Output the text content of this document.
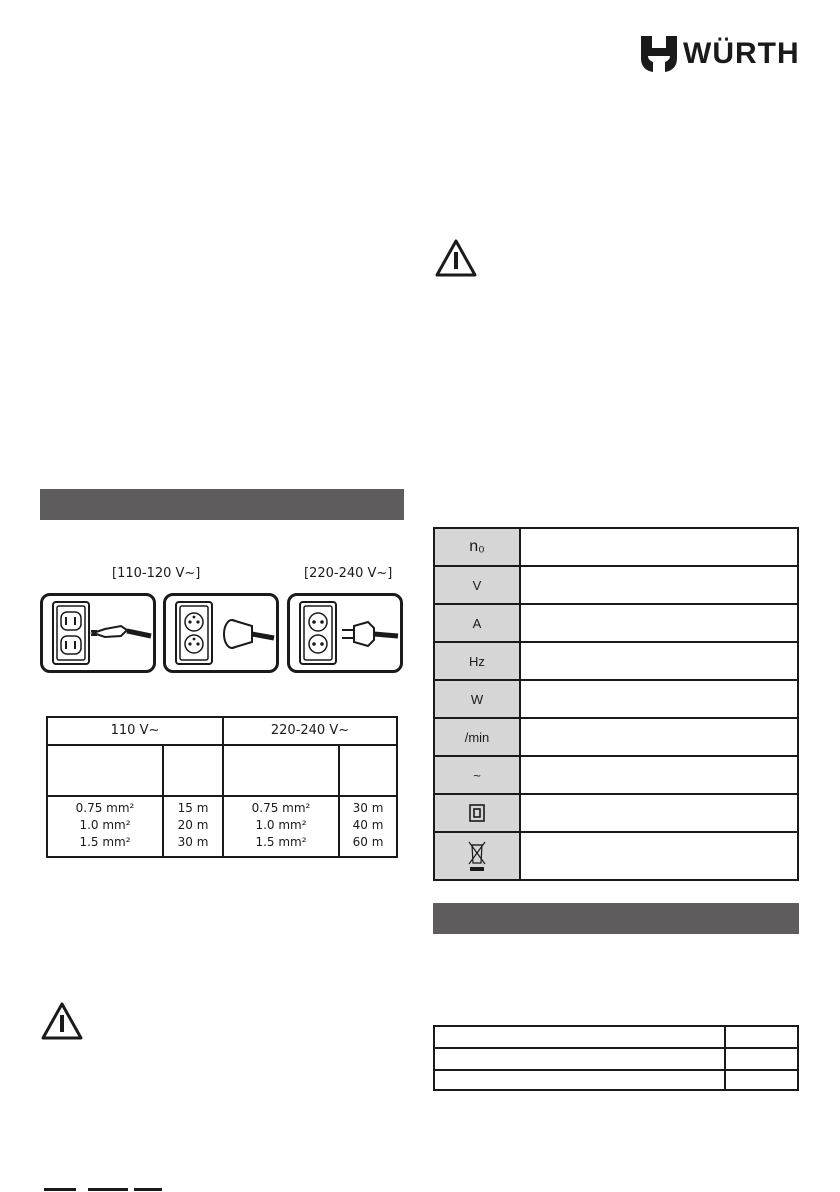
WÜRTH
[110-120 V~]	[220-240 V~]
110 V~	220-240 V~
0.75 mm²
1.0 mm²
1.5 mm²
15 m
20 m
30 m
0.75 mm²
1.0 mm²
1.5 mm²
30 m
40 m
60 m
n₀
V
A
Hz
W
/min
~
